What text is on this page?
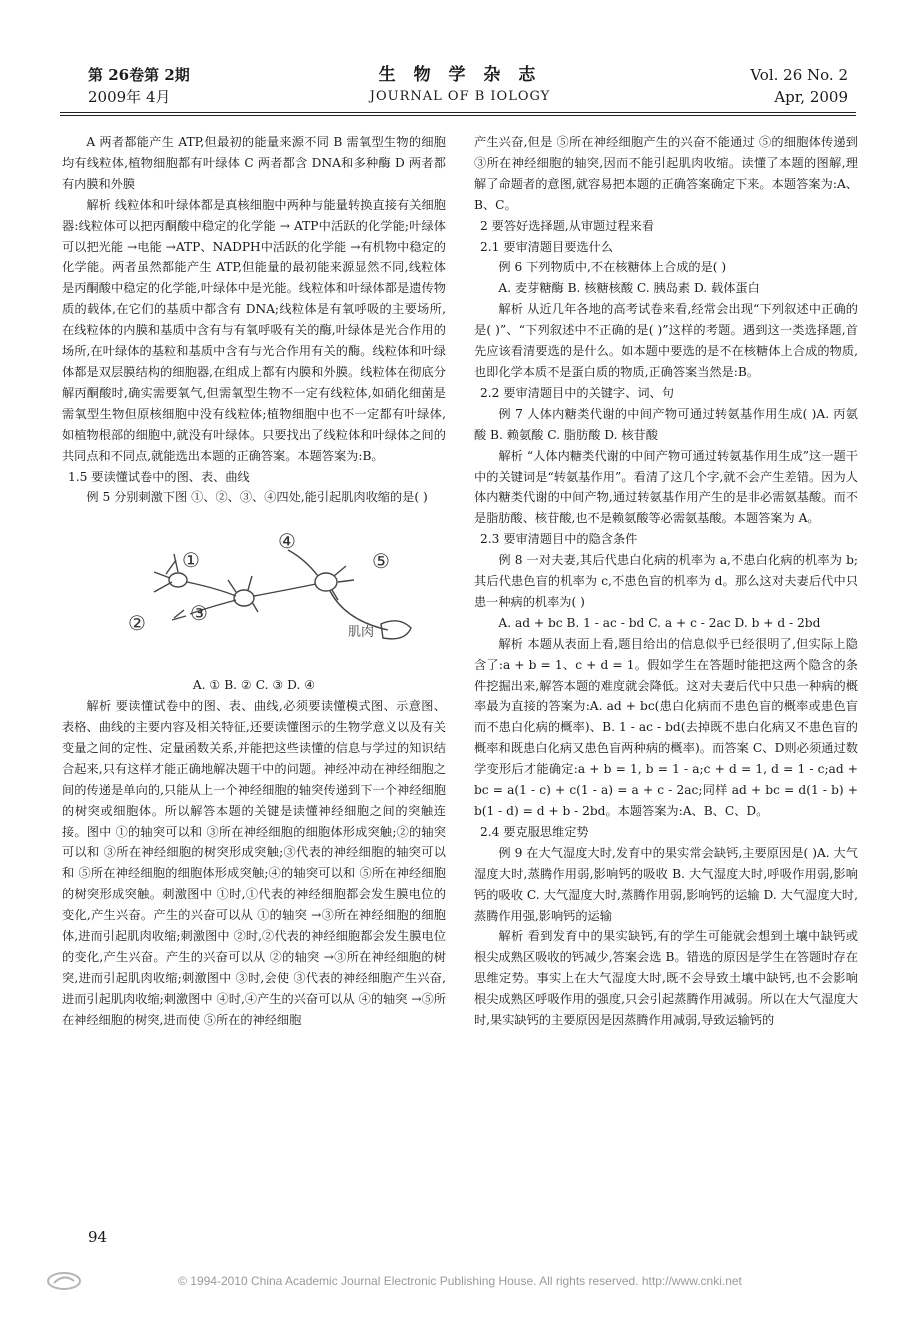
第 26卷第 2期
2009年 4月
生 物 学 杂 志
JOURNAL OF B IOLOGY
Vol. 26 No. 2
Apr, 2009

A 两者都能产生 ATP,但最初的能量来源不同 B 需氧型生物的细胞均有线粒体,植物细胞都有叶绿体 C 两者都含 DNA和多种酶 D 两者都有内膜和外膜

解析 线粒体和叶绿体都是真核细胞中两种与能量转换直接有关细胞器:线粒体可以把丙酮酸中稳定的化学能 → ATP中活跃的化学能;叶绿体可以把光能 →电能 →ATP、NADPH中活跃的化学能 →有机物中稳定的化学能。两者虽然都能产生 ATP,但能量的最初能来源显然不同,线粒体是丙酮酸中稳定的化学能,叶绿体中是光能。线粒体和叶绿体都是遗传物质的载体,在它们的基质中都含有 DNA;线粒体是有氧呼吸的主要场所,在线粒体的内膜和基质中含有与有氧呼吸有关的酶,叶绿体是光合作用的场所,在叶绿体的基粒和基质中含有与光合作用有关的酶。线粒体和叶绿体都是双层膜结构的细胞器,在组成上都有内膜和外膜。线粒体在彻底分解丙酮酸时,确实需要氧气,但需氧型生物不一定有线粒体,如硝化细菌是需氧型生物但原核细胞中没有线粒体;植物细胞中也不一定都有叶绿体,如植物根部的细胞中,就没有叶绿体。只要找出了线粒体和叶绿体之间的共同点和不同点,就能选出本题的正确答案。本题答案为:B。

1.5 要读懂试卷中的图、表、曲线

例 5 分别刺激下图 ①、②、③、④四处,能引起肌肉收缩的是( )

①
② ③
④
⑤
肌肉

A. ① B. ② C. ③ D. ④

解析 要读懂试卷中的图、表、曲线,必须要读懂模式图、示意图、表格、曲线的主要内容及相关特征,还要读懂图示的生物学意义以及有关变量之间的定性、定量函数关系,并能把这些读懂的信息与学过的知识结合起来,只有这样才能正确地解决题干中的问题。神经冲动在神经细胞之间的传递是单向的,只能从上一个神经细胞的轴突传递到下一个神经细胞的树突或细胞体。所以解答本题的关键是读懂神经细胞之间的突触连接。图中 ①的轴突可以和 ③所在神经细胞的细胞体形成突触;②的轴突可以和 ③所在神经细胞的树突形成突触;③代表的神经细胞的轴突可以和 ⑤所在神经细胞的细胞体形成突触;④的轴突可以和 ⑤所在神经细胞的树突形成突触。刺激图中 ①时,①代表的神经细胞都会发生膜电位的变化,产生兴奋。产生的兴奋可以从 ①的轴突 →③所在神经细胞的细胞体,进而引起肌肉收缩;刺激图中 ②时,②代表的神经细胞都会发生膜电位的变化,产生兴奋。产生的兴奋可以从 ②的轴突 →③所在神经细胞的树突,进而引起肌肉收缩;刺激图中 ③时,会使 ③代表的神经细胞产生兴奋,进而引起肌肉收缩;刺激图中 ④时,④产生的兴奋可以从 ④的轴突 →⑤所在神经细胞的树突,进而使 ⑤所在的神经细胞

产生兴奋,但是 ⑤所在神经细胞产生的兴奋不能通过 ⑤的细胞体传递到 ③所在神经细胞的轴突,因而不能引起肌肉收缩。读懂了本题的图解,理解了命题者的意图,就容易把本题的正确答案确定下来。本题答案为:A、B、C。

2 要答好选择题,从审题过程来看

2.1 要审清题目要选什么

例 6 下列物质中,不在核糖体上合成的是( )

A. 麦芽糖酶 B. 核糖核酸 C. 胰岛素 D. 载体蛋白

解析 从近几年各地的高考试卷来看,经常会出现“下列叙述中正确的是( )”、“下列叙述中不正确的是( )”这样的考题。遇到这一类选择题,首先应该看清要选的是什么。如本题中要选的是不在核糖体上合成的物质,也即化学本质不是蛋白质的物质,正确答案当然是:B。

2.2 要审清题目中的关键字、词、句

例 7 人体内糖类代谢的中间产物可通过转氨基作用生成( )A. 丙氨酸 B. 赖氨酸 C. 脂肪酸 D. 核苷酸

解析 “人体内糖类代谢的中间产物可通过转氨基作用生成”这一题干中的关键词是“转氨基作用”。看清了这几个字,就不会产生差错。因为人体内糖类代谢的中间产物,通过转氨基作用产生的是非必需氨基酸。而不是脂肪酸、核苷酸,也不是赖氨酸等必需氨基酸。本题答案为 A。

2.3 要审清题目中的隐含条件

例 8 一对夫妻,其后代患白化病的机率为 a,不患白化病的机率为 b;其后代患色盲的机率为 c,不患色盲的机率为 d。那么这对夫妻后代中只患一种病的机率为( )

A. ad + bc B. 1 - ac - bd C. a + c - 2ac D. b + d - 2bd

解析 本题从表面上看,题目给出的信息似乎已经很明了,但实际上隐含了:a + b = 1、c + d = 1。假如学生在答题时能把这两个隐含的条件挖掘出来,解答本题的难度就会降低。这对夫妻后代中只患一种病的概率最为直接的答案为:A. ad + bc(患白化病而不患色盲的概率或患色盲而不患白化病的概率)、B. 1 - ac - bd(去掉既不患白化病又不患色盲的概率和既患白化病又患色盲两种病的概率)。而答案 C、D则必须通过数学变形后才能确定:a + b = 1, b = 1 - a;c + d = 1, d = 1 - c;ad + bc = a(1 - c) + c(1 - a) = a + c - 2ac;同样 ad + bc = d(1 - b) + b(1 - d) = d + b - 2bd。本题答案为:A、B、C、D。

2.4 要克服思维定势

例 9 在大气湿度大时,发育中的果实常会缺钙,主要原因是( )A. 大气湿度大时,蒸腾作用弱,影响钙的吸收 B. 大气湿度大时,呼吸作用弱,影响钙的吸收 C. 大气湿度大时,蒸腾作用弱,影响钙的运输 D. 大气湿度大时,蒸腾作用强,影响钙的运输

解析 看到发育中的果实缺钙,有的学生可能就会想到土壤中缺钙或根尖成熟区吸收的钙减少,答案会选 B。错选的原因是学生在答题时存在思维定势。事实上在大气湿度大时,既不会导致土壤中缺钙,也不会影响根尖成熟区呼吸作用的强度,只会引起蒸腾作用减弱。所以在大气湿度大时,果实缺钙的主要原因是因蒸腾作用减弱,导致运输钙的

94
© 1994-2010 China Academic Journal Electronic Publishing House. All rights reserved. http://www.cnki.net
